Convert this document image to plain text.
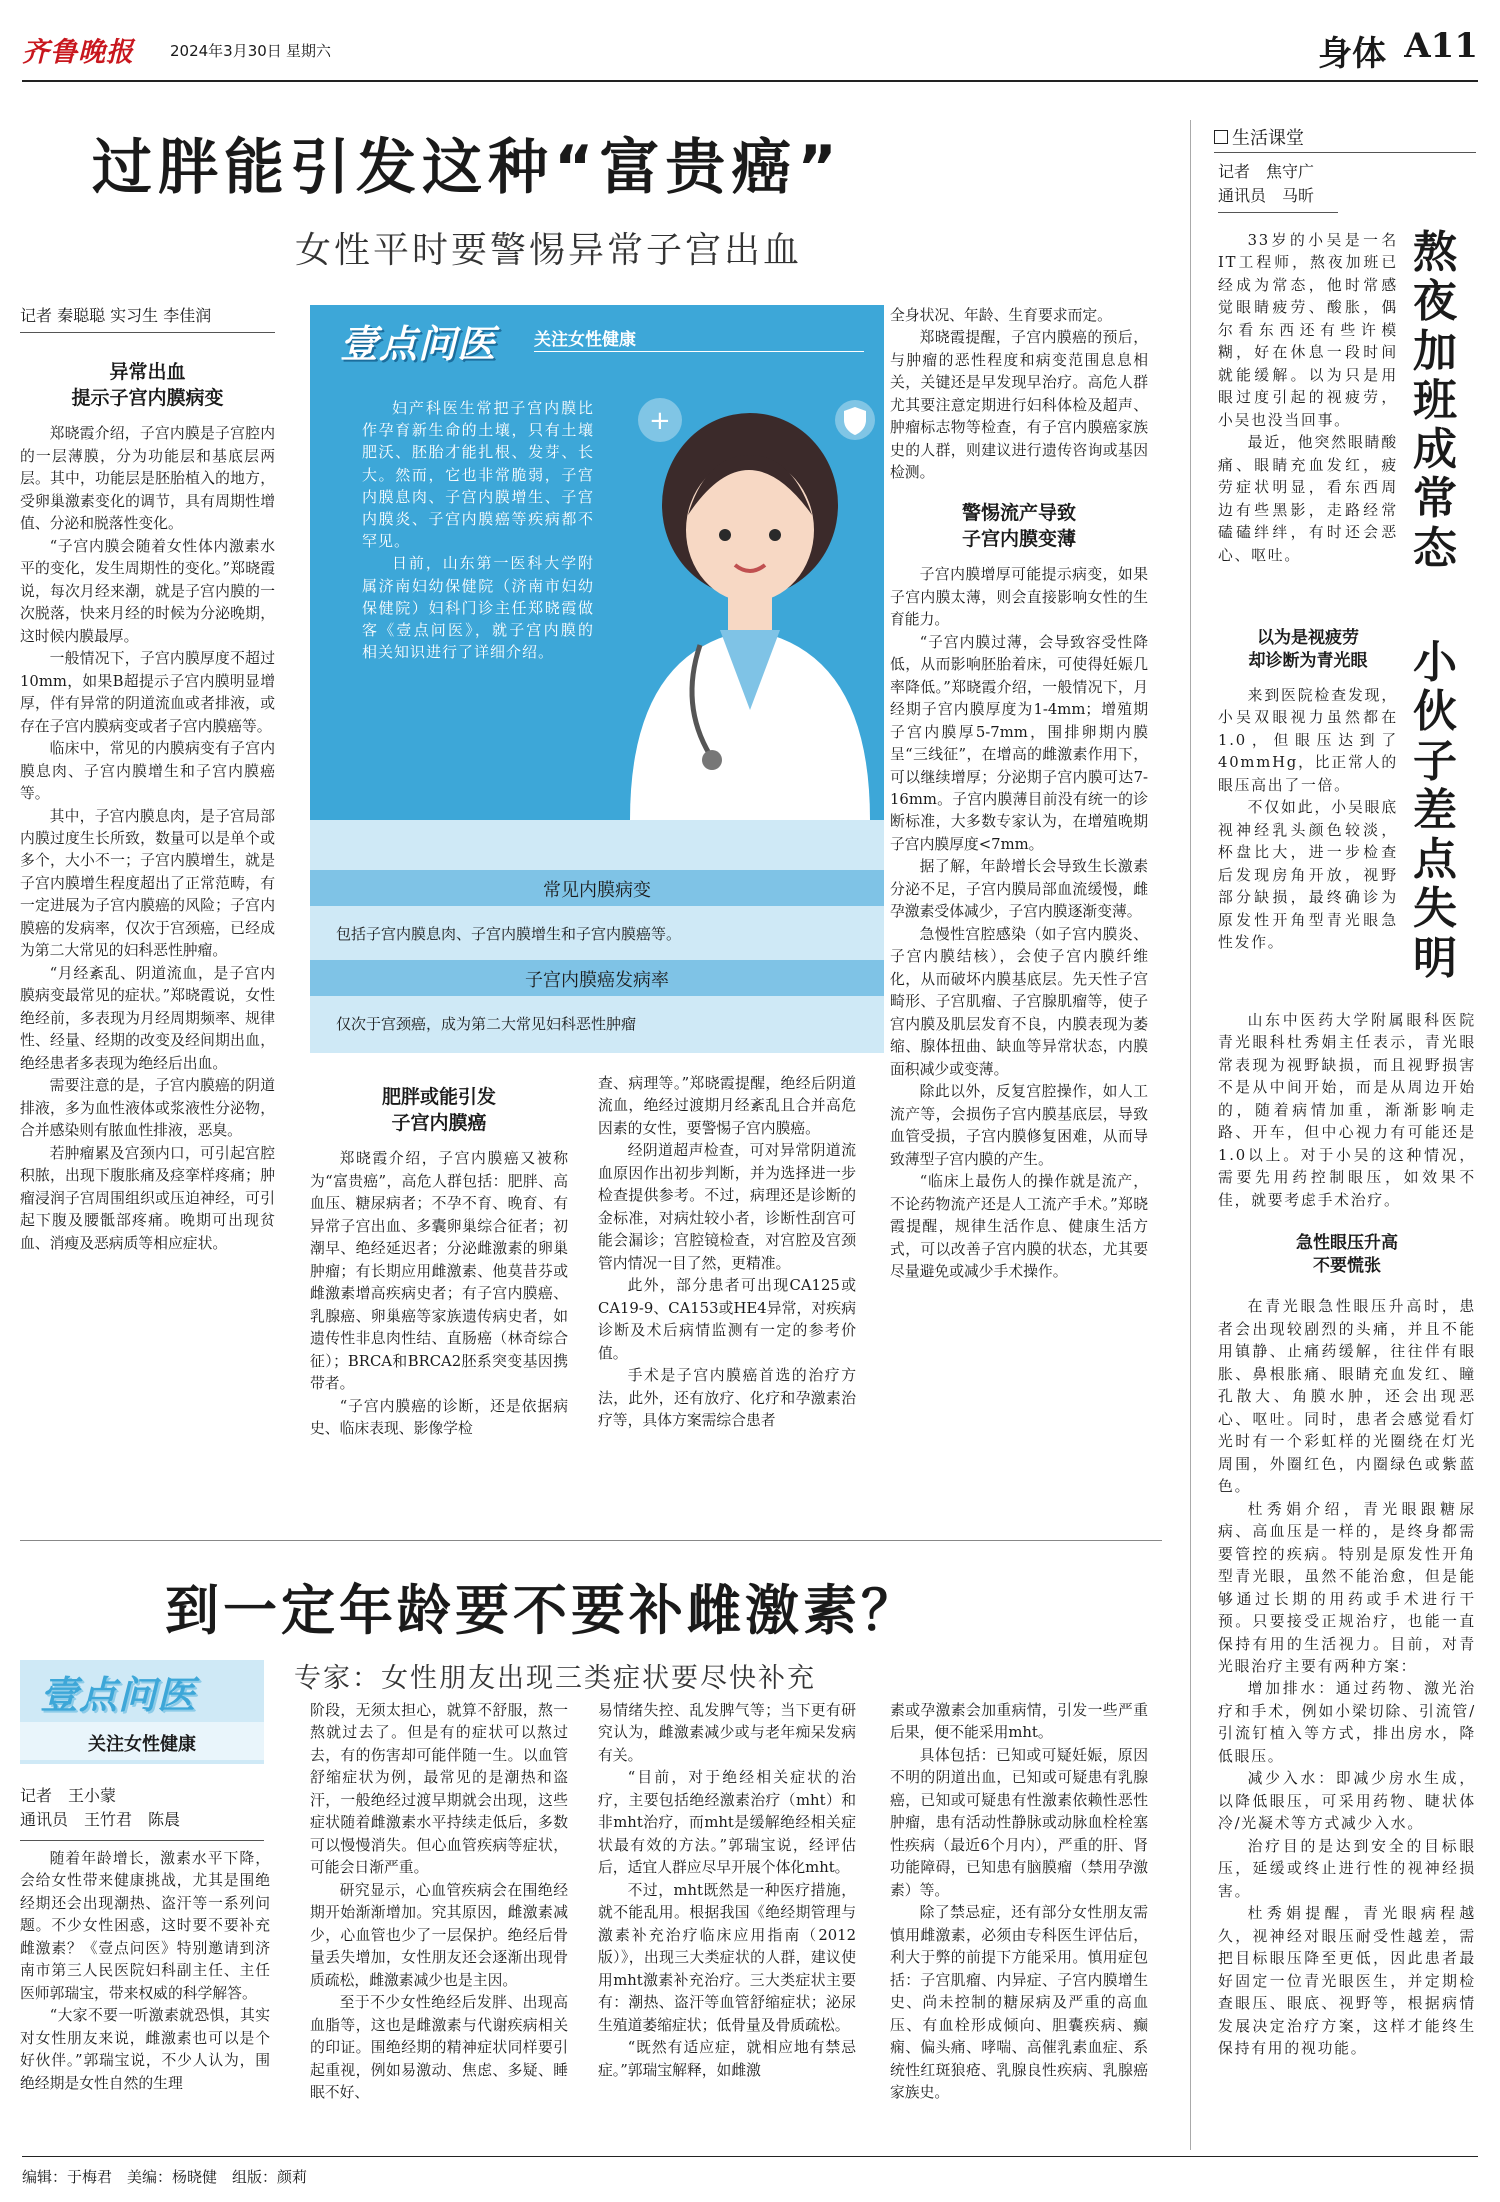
齐鲁晚报 2024年3月30日 星期六	身体 A11
过胖能引发这种“富贵癌”
女性平时要警惕异常子宫出血
记者 秦聪聪 实习生 李佳润
异常出血
提示子宫内膜病变

郑晓霞介绍，子宫内膜是子宫腔内的一层薄膜，分为功能层和基底层两层。其中，功能层是胚胎植入的地方，受卵巢激素变化的调节，具有周期性增值、分泌和脱落性变化。

“子宫内膜会随着女性体内激素水平的变化，发生周期性的变化。”郑晓霞说，每次月经来潮，就是子宫内膜的一次脱落，快来月经的时候为分泌晚期，这时候内膜最厚。

一般情况下，子宫内膜厚度不超过10mm，如果B超提示子宫内膜明显增厚，伴有异常的阴道流血或者排液，或存在子宫内膜病变或者子宫内膜癌等。

临床中，常见的内膜病变有子宫内膜息肉、子宫内膜增生和子宫内膜癌等。

其中，子宫内膜息肉，是子宫局部内膜过度生长所致，数量可以是单个或多个，大小不一；子宫内膜增生，就是子宫内膜增生程度超出了正常范畴，有一定进展为子宫内膜癌的风险；子宫内膜癌的发病率，仅次于宫颈癌，已经成为第二大常见的妇科恶性肿瘤。

“月经紊乱、阴道流血，是子宫内膜病变最常见的症状。”郑晓霞说，女性绝经前，多表现为月经周期频率、规律性、经量、经期的改变及经间期出血，绝经患者多表现为绝经后出血。

需要注意的是，子宫内膜癌的阴道排液，多为血性液体或浆液性分泌物，合并感染则有脓血性排液，恶臭。

若肿瘤累及宫颈内口，可引起宫腔积脓，出现下腹胀痛及痉挛样疼痛；肿瘤浸润子宫周围组织或压迫神经，可引起下腹及腰骶部疼痛。晚期可出现贫血、消瘦及恶病质等相应症状。

壹点问医 关注女性健康

妇产科医生常把子宫内膜比作孕育新生命的土壤，只有土壤肥沃、胚胎才能扎根、发芽、长大。然而，它也非常脆弱，子宫内膜息肉、子宫内膜增生、子宫内膜炎、子宫内膜癌等疾病都不罕见。

日前，山东第一医科大学附属济南妇幼保健院（济南市妇幼保健院）妇科门诊主任郑晓霞做客《壹点问医》，就子宫内膜的相关知识进行了详细介绍。

+
常见内膜病变
包括子宫内膜息肉、子宫内膜增生和子宫内膜癌等。
子宫内膜癌发病率
仅次于宫颈癌，成为第二大常见妇科恶性肿瘤
肥胖或能引发
子宫内膜癌

郑晓霞介绍，子宫内膜癌又被称为“富贵癌”，高危人群包括：肥胖、高血压、糖尿病者；不孕不育、晚育、有异常子宫出血、多囊卵巢综合征者；初潮早、绝经延迟者；分泌雌激素的卵巢肿瘤；有长期应用雌激素、他莫昔芬或雌激素增高疾病史者；有子宫内膜癌、乳腺癌、卵巢癌等家族遗传病史者，如遗传性非息肉性结、直肠癌（林奇综合征）；BRCA和BRCA2胚系突变基因携带者。

“子宫内膜癌的诊断，还是依据病史、临床表现、影像学检

查、病理等。”郑晓霞提醒，绝经后阴道流血，绝经过渡期月经紊乱且合并高危因素的女性，要警惕子宫内膜癌。

经阴道超声检查，可对异常阴道流血原因作出初步判断，并为选择进一步检查提供参考。不过，病理还是诊断的金标准，对病灶较小者，诊断性刮宫可能会漏诊；宫腔镜检查，对宫腔及宫颈管内情况一目了然，更精准。

此外，部分患者可出现CA125或CA19-9、CA153或HE4异常，对疾病诊断及术后病情监测有一定的参考价值。

手术是子宫内膜癌首选的治疗方法，此外，还有放疗、化疗和孕激素治疗等，具体方案需综合患者

全身状况、年龄、生育要求而定。

郑晓霞提醒，子宫内膜癌的预后，与肿瘤的恶性程度和病变范围息息相关，关键还是早发现早治疗。高危人群尤其要注意定期进行妇科体检及超声、肿瘤标志物等检查，有子宫内膜癌家族史的人群，则建议进行遗传咨询或基因检测。

警惕流产导致
子宫内膜变薄

子宫内膜增厚可能提示病变，如果子宫内膜太薄，则会直接影响女性的生育能力。

“子宫内膜过薄，会导致容受性降低，从而影响胚胎着床，可使得妊娠几率降低。”郑晓霞介绍，一般情况下，月经期子宫内膜厚度为1-4mm；增殖期子宫内膜厚5-7mm，围排卵期内膜呈“三线征”，在增高的雌激素作用下，可以继续增厚；分泌期子宫内膜可达7-16mm。子宫内膜薄目前没有统一的诊断标准，大多数专家认为，在增殖晚期子宫内膜厚度<7mm。

据了解，年龄增长会导致生长激素分泌不足，子宫内膜局部血流缓慢，雌孕激素受体减少，子宫内膜逐渐变薄。

急慢性宫腔感染（如子宫内膜炎、子宫内膜结核），会使子宫内膜纤维化，从而破坏内膜基底层。先天性子宫畸形、子宫肌瘤、子宫腺肌瘤等，使子宫内膜及肌层发育不良，内膜表现为萎缩、腺体扭曲、缺血等异常状态，内膜面积减少或变薄。

除此以外，反复宫腔操作，如人工流产等，会损伤子宫内膜基底层，导致血管受损，子宫内膜修复困难，从而导致薄型子宫内膜的产生。

“临床上最伤人的操作就是流产，不论药物流产还是人工流产手术。”郑晓霞提醒，规律生活作息、健康生活方式，可以改善子宫内膜的状态，尤其要尽量避免或减少手术操作。

到一定年龄要不要补雌激素？
专家：女性朋友出现三类症状要尽快补充
壹点问医
关注女性健康
记者　王小蒙
通讯员　王竹君　陈晨

随着年龄增长，激素水平下降，会给女性带来健康挑战，尤其是围绝经期还会出现潮热、盗汗等一系列问题。不少女性困惑，这时要不要补充雌激素？《壹点问医》特别邀请到济南市第三人民医院妇科副主任、主任医师郭瑞宝，带来权威的科学解答。

“大家不要一听激素就恐惧，其实对女性朋友来说，雌激素也可以是个好伙伴。”郭瑞宝说，不少人认为，围绝经期是女性自然的生理

阶段，无须太担心，就算不舒服，熬一熬就过去了。但是有的症状可以熬过去，有的伤害却可能伴随一生。以血管舒缩症状为例，最常见的是潮热和盗汗，一般绝经过渡早期就会出现，这些症状随着雌激素水平持续走低后，多数可以慢慢消失。但心血管疾病等症状，可能会日渐严重。

研究显示，心血管疾病会在围绝经期开始渐渐增加。究其原因，雌激素减少，心血管也少了一层保护。绝经后骨量丢失增加，女性朋友还会逐渐出现骨质疏松，雌激素减少也是主因。

至于不少女性绝经后发胖、出现高血脂等，这也是雌激素与代谢疾病相关的印证。围绝经期的精神症状同样要引起重视，例如易激动、焦虑、多疑、睡眠不好、

易情绪失控、乱发脾气等；当下更有研究认为，雌激素减少或与老年痴呆发病有关。

“目前，对于绝经相关症状的治疗，主要包括绝经激素治疗（mht）和非mht治疗，而mht是缓解绝经相关症状最有效的方法。”郭瑞宝说，经评估后，适宜人群应尽早开展个体化mht。

不过，mht既然是一种医疗措施，就不能乱用。根据我国《绝经期管理与激素补充治疗临床应用指南（2012版）》，出现三大类症状的人群，建议使用mht激素补充治疗。三大类症状主要有：潮热、盗汗等血管舒缩症状；泌尿生殖道萎缩症状；低骨量及骨质疏松。

“既然有适应症，就相应地有禁忌症。”郭瑞宝解释，如雌激

素或孕激素会加重病情，引发一些严重后果，便不能采用mht。

具体包括：已知或可疑妊娠，原因不明的阴道出血，已知或可疑患有乳腺癌，已知或可疑患有性激素依赖性恶性肿瘤，患有活动性静脉或动脉血栓栓塞性疾病（最近6个月内），严重的肝、肾功能障碍，已知患有脑膜瘤（禁用孕激素）等。

除了禁忌症，还有部分女性朋友需慎用雌激素，必须由专科医生评估后，利大于弊的前提下方能采用。慎用症包括：子宫肌瘤、内异症、子宫内膜增生史、尚未控制的糖尿病及严重的高血压、有血栓形成倾向、胆囊疾病、癫痫、偏头痛、哮喘、高催乳素血症、系统性红斑狼疮、乳腺良性疾病、乳腺癌家族史。

生活课堂
记者　焦守广
通讯员　马昕
熬
夜
加
班
成
常
态
小
伙
子
差
点
失
明

33岁的小吴是一名IT工程师，熬夜加班已经成为常态，他时常感觉眼睛疲劳、酸胀，偶尔看东西还有些许模糊，好在休息一段时间就能缓解。以为只是用眼过度引起的视疲劳，小吴也没当回事。

最近，他突然眼睛酸痛、眼睛充血发红，疲劳症状明显，看东西周边有些黑影，走路经常磕磕绊绊，有时还会恶心、呕吐。

以为是视疲劳
却诊断为青光眼

来到医院检查发现，小吴双眼视力虽然都在1.0，但眼压达到了40mmHg，比正常人的眼压高出了一倍。

不仅如此，小吴眼底视神经乳头颜色较淡，杯盘比大，进一步检查后发现房角开放，视野部分缺损，最终确诊为原发性开角型青光眼急性发作。

山东中医药大学附属眼科医院青光眼科杜秀娟主任表示，青光眼常表现为视野缺损，而且视野损害不是从中间开始，而是从周边开始的，随着病情加重，渐渐影响走路、开车，但中心视力有可能还是1.0以上。对于小吴的这种情况，需要先用药控制眼压，如效果不佳，就要考虑手术治疗。

急性眼压升高
不要慌张

在青光眼急性眼压升高时，患者会出现较剧烈的头痛，并且不能用镇静、止痛药缓解，往往伴有眼胀、鼻根胀痛、眼睛充血发红、瞳孔散大、角膜水肿，还会出现恶心、呕吐。同时，患者会感觉看灯光时有一个彩虹样的光圈绕在灯光周围，外圈红色，内圈绿色或紫蓝色。

杜秀娟介绍，青光眼跟糖尿病、高血压是一样的，是终身都需要管控的疾病。特别是原发性开角型青光眼，虽然不能治愈，但是能够通过长期的用药或手术进行干预。只要接受正规治疗，也能一直保持有用的生活视力。目前，对青光眼治疗主要有两种方案：

增加排水：通过药物、激光治疗和手术，例如小梁切除、引流管/引流钉植入等方式，排出房水，降低眼压。

减少入水：即减少房水生成，以降低眼压，可采用药物、睫状体冷/光凝术等方式减少入水。

治疗目的是达到安全的目标眼压，延缓或终止进行性的视神经损害。

杜秀娟提醒，青光眼病程越久，视神经对眼压耐受性越差，需把目标眼压降至更低，因此患者最好固定一位青光眼医生，并定期检查眼压、眼底、视野等，根据病情发展决定治疗方案，这样才能终生保持有用的视功能。

编辑：于梅君　美编：杨晓健　组版：颜莉
